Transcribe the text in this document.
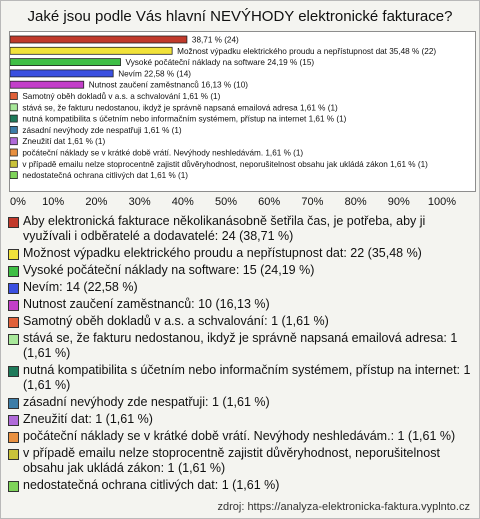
Jaké jsou podle Vás hlavní NEVÝHODY elektronické fakturace?
38,71 % (24)
Možnost výpadku elektrického proudu a nepřístupnost dat 35,48 % (22)
Vysoké počáteční náklady na software 24,19 % (15)
Nevím 22,58 % (14)
Nutnost zaučení zaměstnanců 16,13 % (10)
Samotný oběh dokladů v a.s. a schvalování 1,61 % (1)
stává se, že fakturu nedostanou, ikdyž je správně napsaná emailová adresa 1,61 % (1)
nutná kompatibilita s účetním nebo informačním systémem, přístup na internet 1,61 % (1)
zásadní nevýhody zde nespatřuji 1,61 % (1)
Zneužití dat 1,61 % (1)
počáteční náklady se v krátké době vrátí. Nevýhody neshledávám. 1,61 % (1)
v případě emailu nelze stoprocentně zajistit důvěryhodnost, neporušitelnost obsahu jak ukládá zákon 1,61 % (1)
nedostatečná ochrana citlivých dat 1,61 % (1)
0% 10% 20% 30% 40% 50% 60% 70% 80% 90% 100%
Aby elektronická fakturace několikanásobně šetřila čas, je potřeba, aby ji využívali i odběratelé a dodavatelé: 24 (38,71 %)
Možnost výpadku elektrického proudu a nepřístupnost dat: 22 (35,48 %)
Vysoké počáteční náklady na software: 15 (24,19 %)
Nevím: 14 (22,58 %)
Nutnost zaučení zaměstnanců: 10 (16,13 %)
Samotný oběh dokladů v a.s. a schvalování: 1 (1,61 %)
stává se, že fakturu nedostanou, ikdyž je správně napsaná emailová adresa: 1 (1,61 %)
nutná kompatibilita s účetním nebo informačním systémem, přístup na internet: 1 (1,61 %)
zásadní nevýhody zde nespatřuji: 1 (1,61 %)
Zneužití dat: 1 (1,61 %)
počáteční náklady se v krátké době vrátí. Nevýhody neshledávám.: 1 (1,61 %)
v případě emailu nelze stoprocentně zajistit důvěryhodnost, neporušitelnost obsahu jak ukládá zákon: 1 (1,61 %)
nedostatečná ochrana citlivých dat: 1 (1,61 %)
zdroj: https://analyza-elektronicka-faktura.vyplnto.cz
